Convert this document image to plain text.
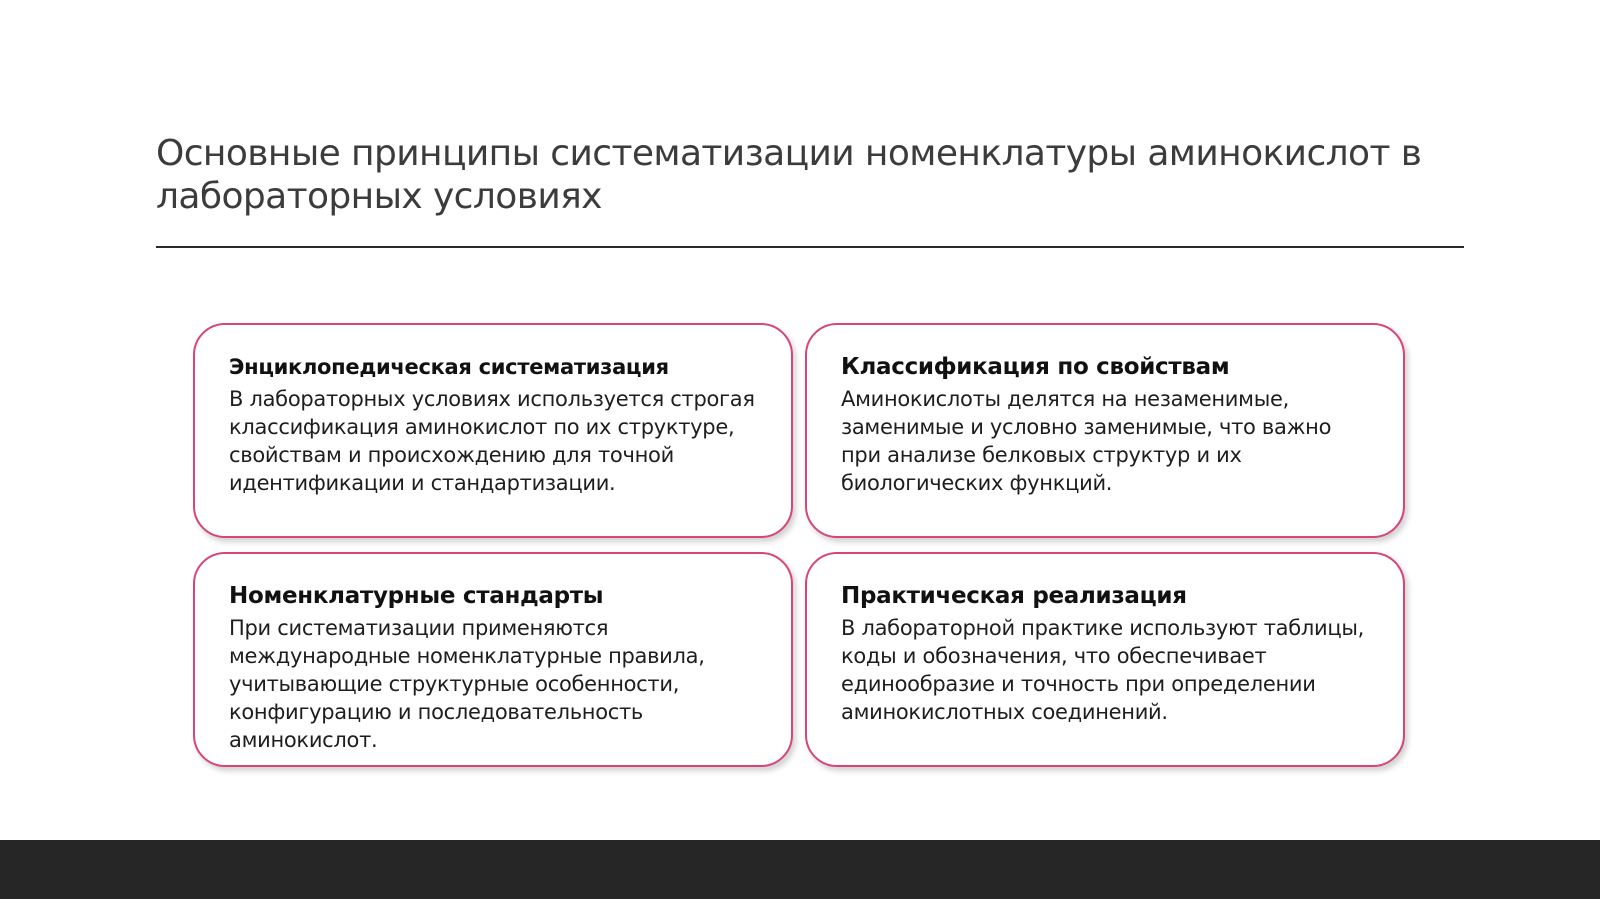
Основные принципы систематизации номенклатуры аминокислот в лабораторных условиях
Энциклопедическая систематизация
В лабораторных условиях используется строгая классификация аминокислот по их структуре, свойствам и происхождению для точной идентификации и стандартизации.
Классификация по свойствам
Аминокислоты делятся на незаменимые, заменимые и условно заменимые, что важно при анализе белковых структур и их биологических функций.
Номенклатурные стандарты
При систематизации применяются международные номенклатурные правила, учитывающие структурные особенности, конфигурацию и последовательность аминокислот.
Практическая реализация
В лабораторной практике используют таблицы, коды и обозначения, что обеспечивает единообразие и точность при определении аминокислотных соединений.
